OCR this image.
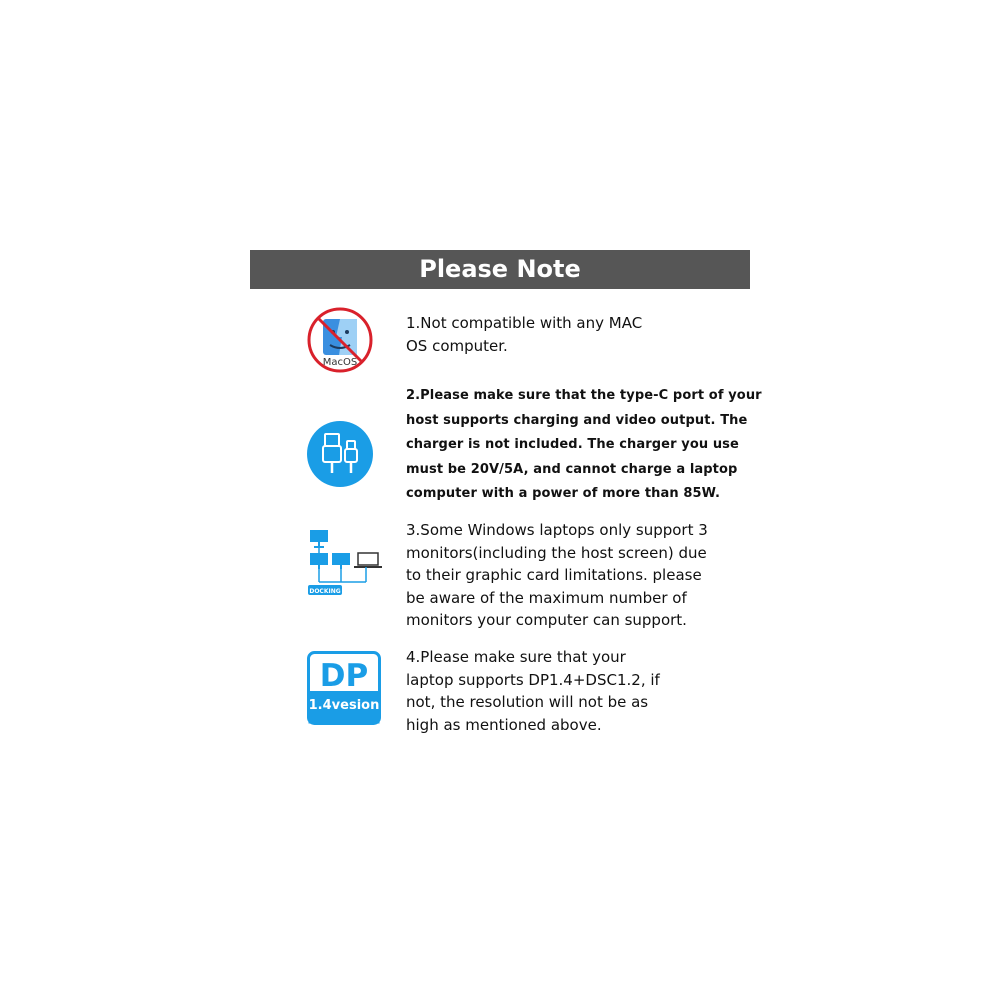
Please Note
MacOS
DOCKING
DP
1.4vesion
1.Not compatible with any MAC
OS computer.
2.Please make sure that the type-C port of your
host supports charging and video output. The
charger is not included. The charger you use
must be 20V/5A, and cannot charge a laptop
computer with a power of more than 85W.
3.Some Windows laptops only support 3
monitors(including the host screen) due
to their graphic card limitations. please
be aware of the maximum number of
monitors your computer can support.
4.Please make sure that your
laptop supports DP1.4+DSC1.2, if
not, the resolution will not be as
high as mentioned above.
